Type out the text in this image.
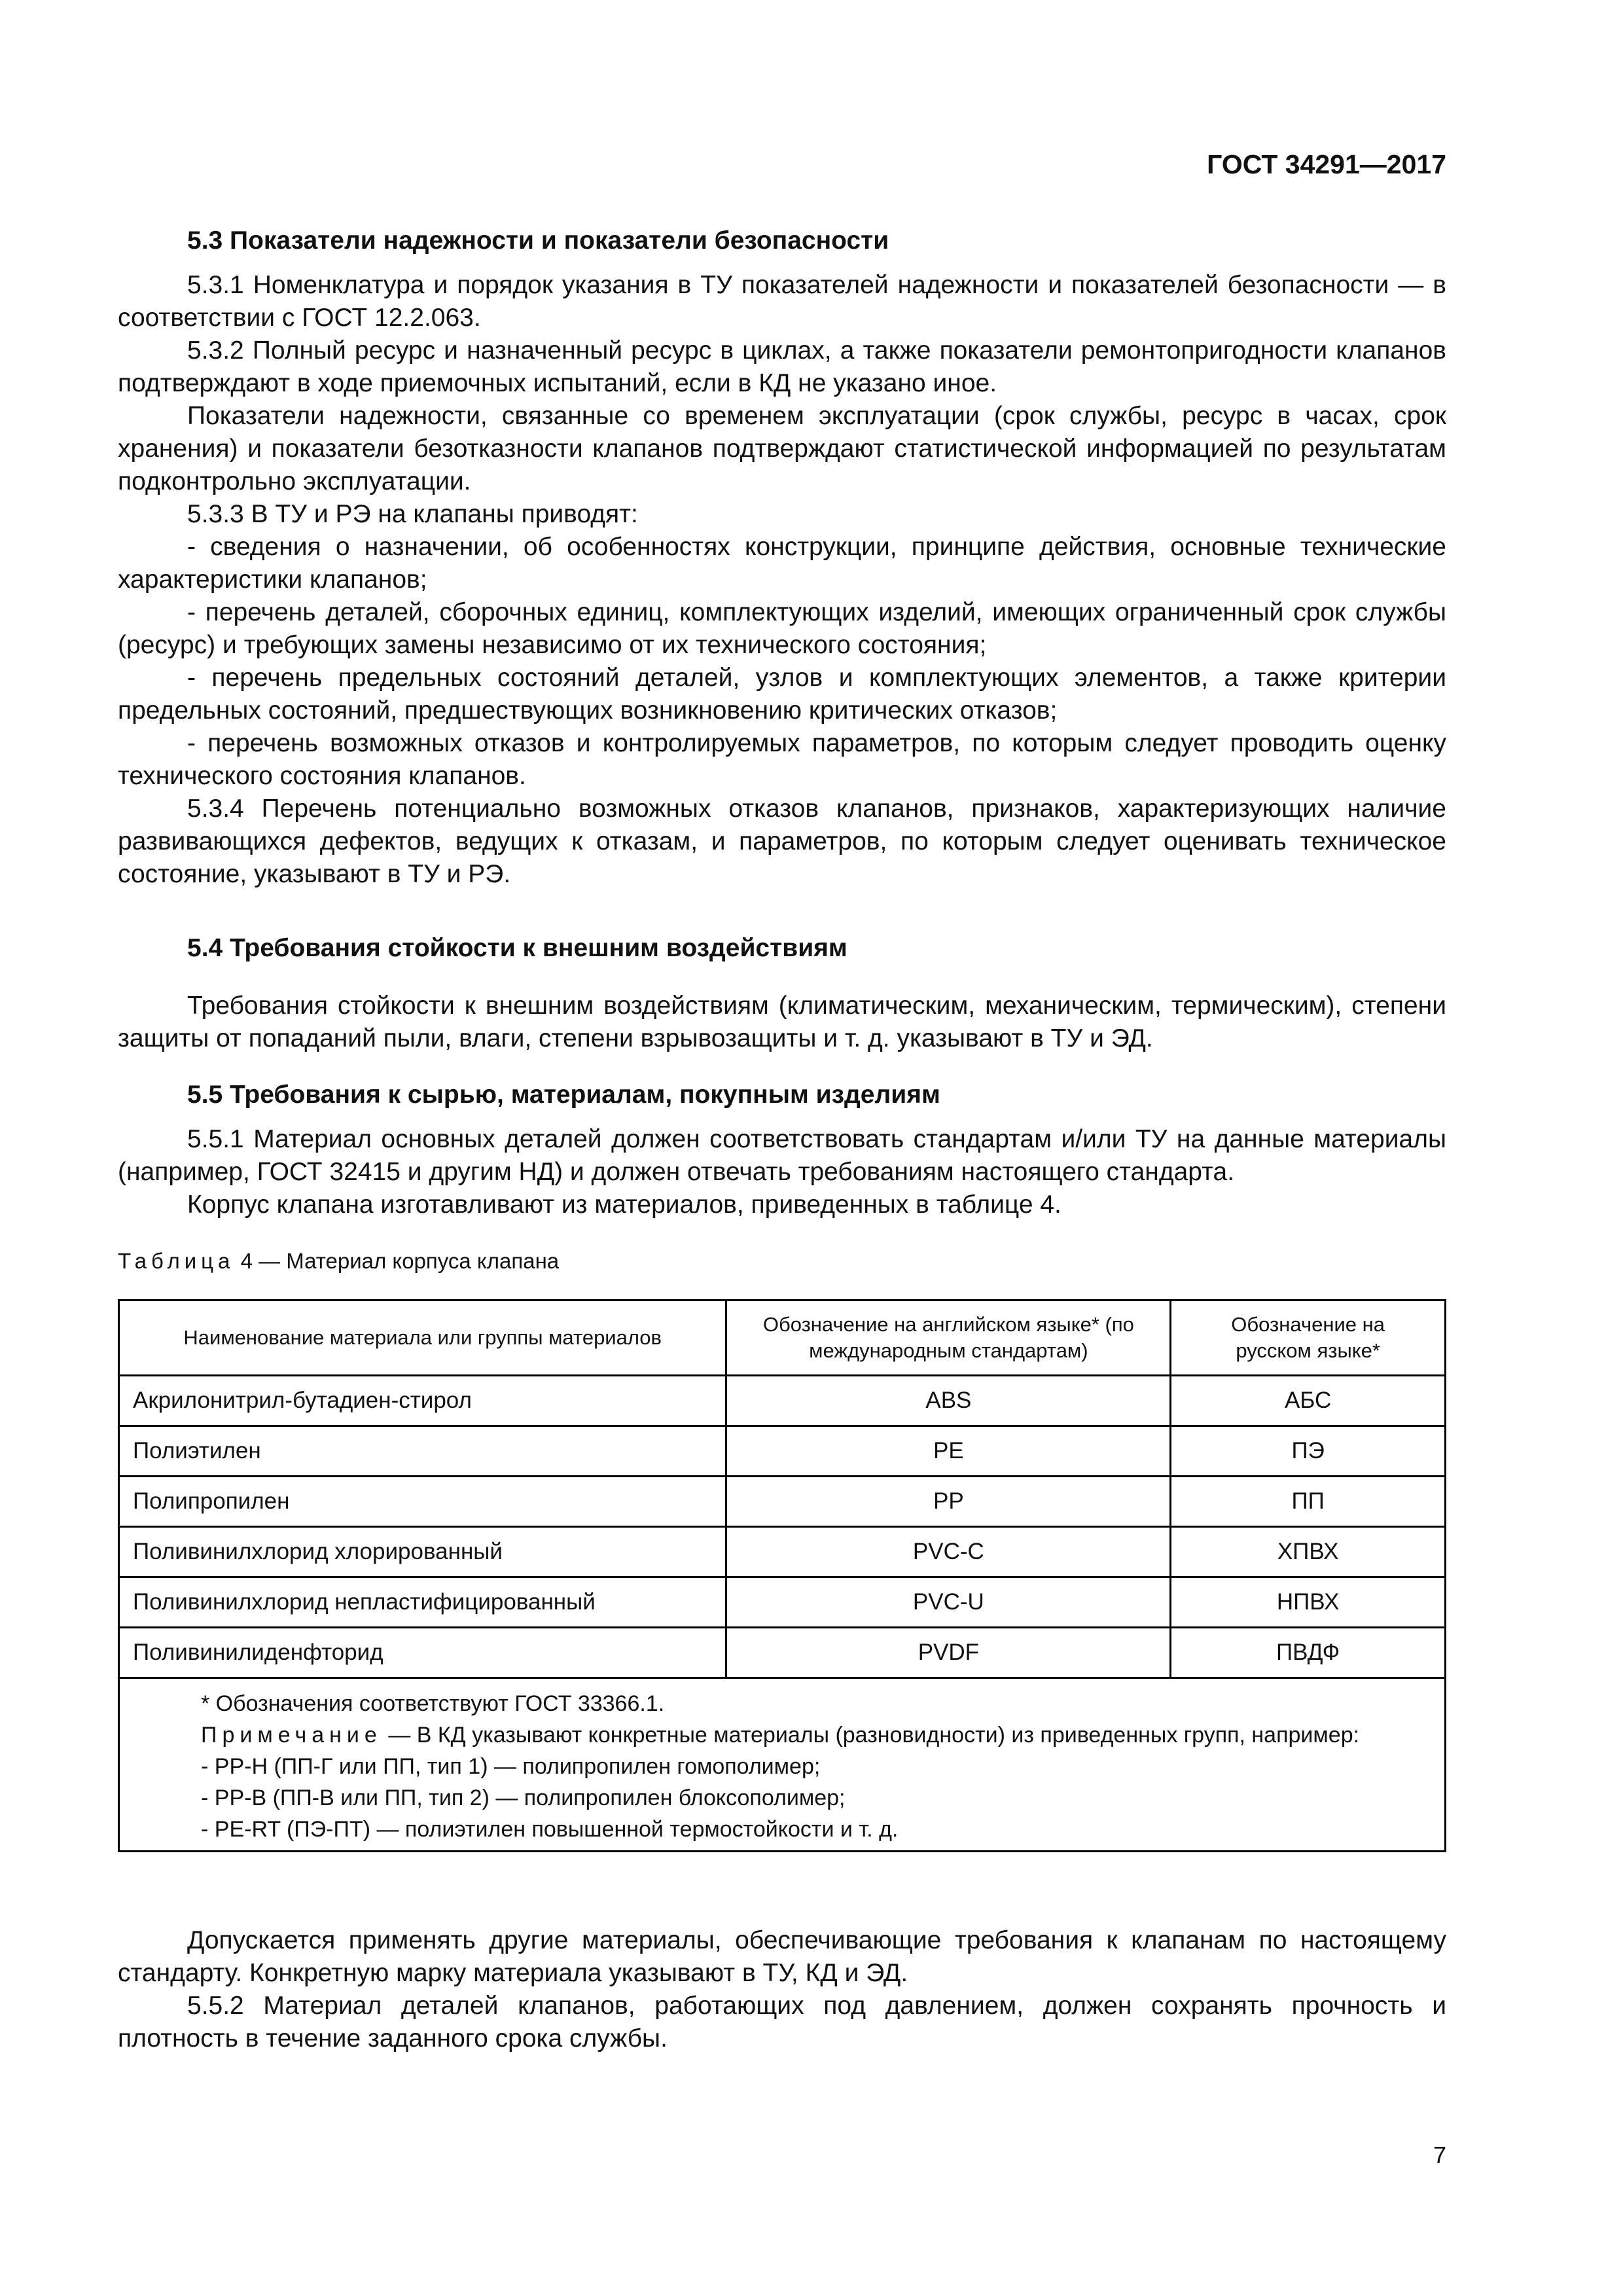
ГОСТ 34291—2017
5.3 Показатели надежности и показатели безопасности

5.3.1 Номенклатура и порядок указания в ТУ показателей надежности и показателей безопасности — в соответствии с ГОСТ 12.2.063.

5.3.2 Полный ресурс и назначенный ресурс в циклах, а также показатели ремонтопригодности клапанов подтверждают в ходе приемочных испытаний, если в КД не указано иное.

Показатели надежности, связанные со временем эксплуатации (срок службы, ресурс в часах, срок хранения) и показатели безотказности клапанов подтверждают статистической информацией по результатам подконтрольно эксплуатации.

5.3.3 В ТУ и РЭ на клапаны приводят:

- сведения о назначении, об особенностях конструкции, принципе действия, основные технические характеристики клапанов;

- перечень деталей, сборочных единиц, комплектующих изделий, имеющих ограниченный срок службы (ресурс) и требующих замены независимо от их технического состояния;

- перечень предельных состояний деталей, узлов и комплектующих элементов, а также критерии предельных состояний, предшествующих возникновению критических отказов;

- перечень возможных отказов и контролируемых параметров, по которым следует проводить оценку технического состояния клапанов.

5.3.4 Перечень потенциально возможных отказов клапанов, признаков, характеризующих наличие развивающихся дефектов, ведущих к отказам, и параметров, по которым следует оценивать техническое состояние, указывают в ТУ и РЭ.

5.4 Требования стойкости к внешним воздействиям

Требования стойкости к внешним воздействиям (климатическим, механическим, термическим), степени защиты от попаданий пыли, влаги, степени взрывозащиты и т. д. указывают в ТУ и ЭД.

5.5 Требования к сырью, материалам, покупным изделиям

5.5.1 Материал основных деталей должен соответствовать стандартам и/или ТУ на данные материалы (например, ГОСТ 32415 и другим НД) и должен отвечать требованиям настоящего стандарта.

Корпус клапана изготавливают из материалов, приведенных в таблице 4.

Таблица 4 — Материал корпуса клапана
Наименование материала или группы материалов	Обозначение на английском языке* (по международным стандартам)	Обозначение на русском языке*
Акрилонитрил-бутадиен-стирол	ABS	АБС
Полиэтилен	PE	ПЭ
Полипропилен	PP	ПП
Поливинилхлорид хлорированный	PVC-C	ХПВХ
Поливинилхлорид непластифицированный	PVC-U	НПВХ
Поливинилиденфторид	PVDF	ПВДФ

* Обозначения соответствуют ГОСТ 33366.1.
Примечание — В КД указывают конкретные материалы (разновидности) из приведенных групп, например:
- PP-H (ПП-Г или ПП, тип 1) — полипропилен гомополимер;
- PP-B (ПП-В или ПП, тип 2) — полипропилен блоксополимер;
- PE-RT (ПЭ-ПТ) — полиэтилен повышенной термостойкости и т. д.		

Допускается применять другие материалы, обеспечивающие требования к клапанам по настоящему стандарту. Конкретную марку материала указывают в ТУ, КД и ЭД.

5.5.2 Материал деталей клапанов, работающих под давлением, должен сохранять прочность и плотность в течение заданного срока службы.

7
